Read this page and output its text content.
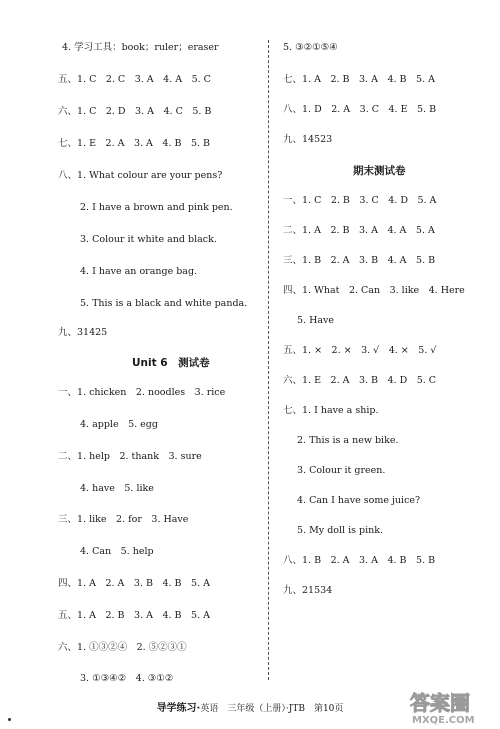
4. 学习工具：book；ruler；eraser
五、1. C　2. C　3. A　4. A　5. C
六、1. C　2. D　3. A　4. C　5. B
七、1. E　2. A　3. A　4. B　5. B
八、1. What colour are your pens?
2. I have a brown and pink pen.
3. Colour it white and black.
4. I have an orange bag.
5. This is a black and white panda.
九、31425
Unit 6　测试卷
一、1. chicken　2. noodles　3. rice
4. apple　5. egg
二、1. help　2. thank　3. sure
4. have　5. like
三、1. like　2. for　3. Have
4. Can　5. help
四、1. A　2. A　3. B　4. B　5. A
五、1. A　2. B　3. A　4. B　5. A
六、1. ①③②④　2. ⑤②③①
3. ①③④②　4. ③①②
5. ③②①⑤④
七、1. A　2. B　3. A　4. B　5. A
八、1. D　2. A　3. C　4. E　5. B
九、14523
期末测试卷
一、1. C　2. B　3. C　4. D　5. A
二、1. A　2. B　3. A　4. A　5. A
三、1. B　2. A　3. B　4. A　5. B
四、1. What　2. Can　3. like　4. Here
5. Have
五、1. ×　2. ×　3. √　4. ×　5. √
六、1. E　2. A　3. B　4. D　5. C
七、1. I have a ship.
2. This is a new bike.
3. Colour it green.
4. Can I have some juice?
5. My doll is pink.
八、1. B　2. A　3. A　4. B　5. B
九、21534
导学练习·英语　三年级（上册）·JTB　第10页	答案圈
MXQE.COM
